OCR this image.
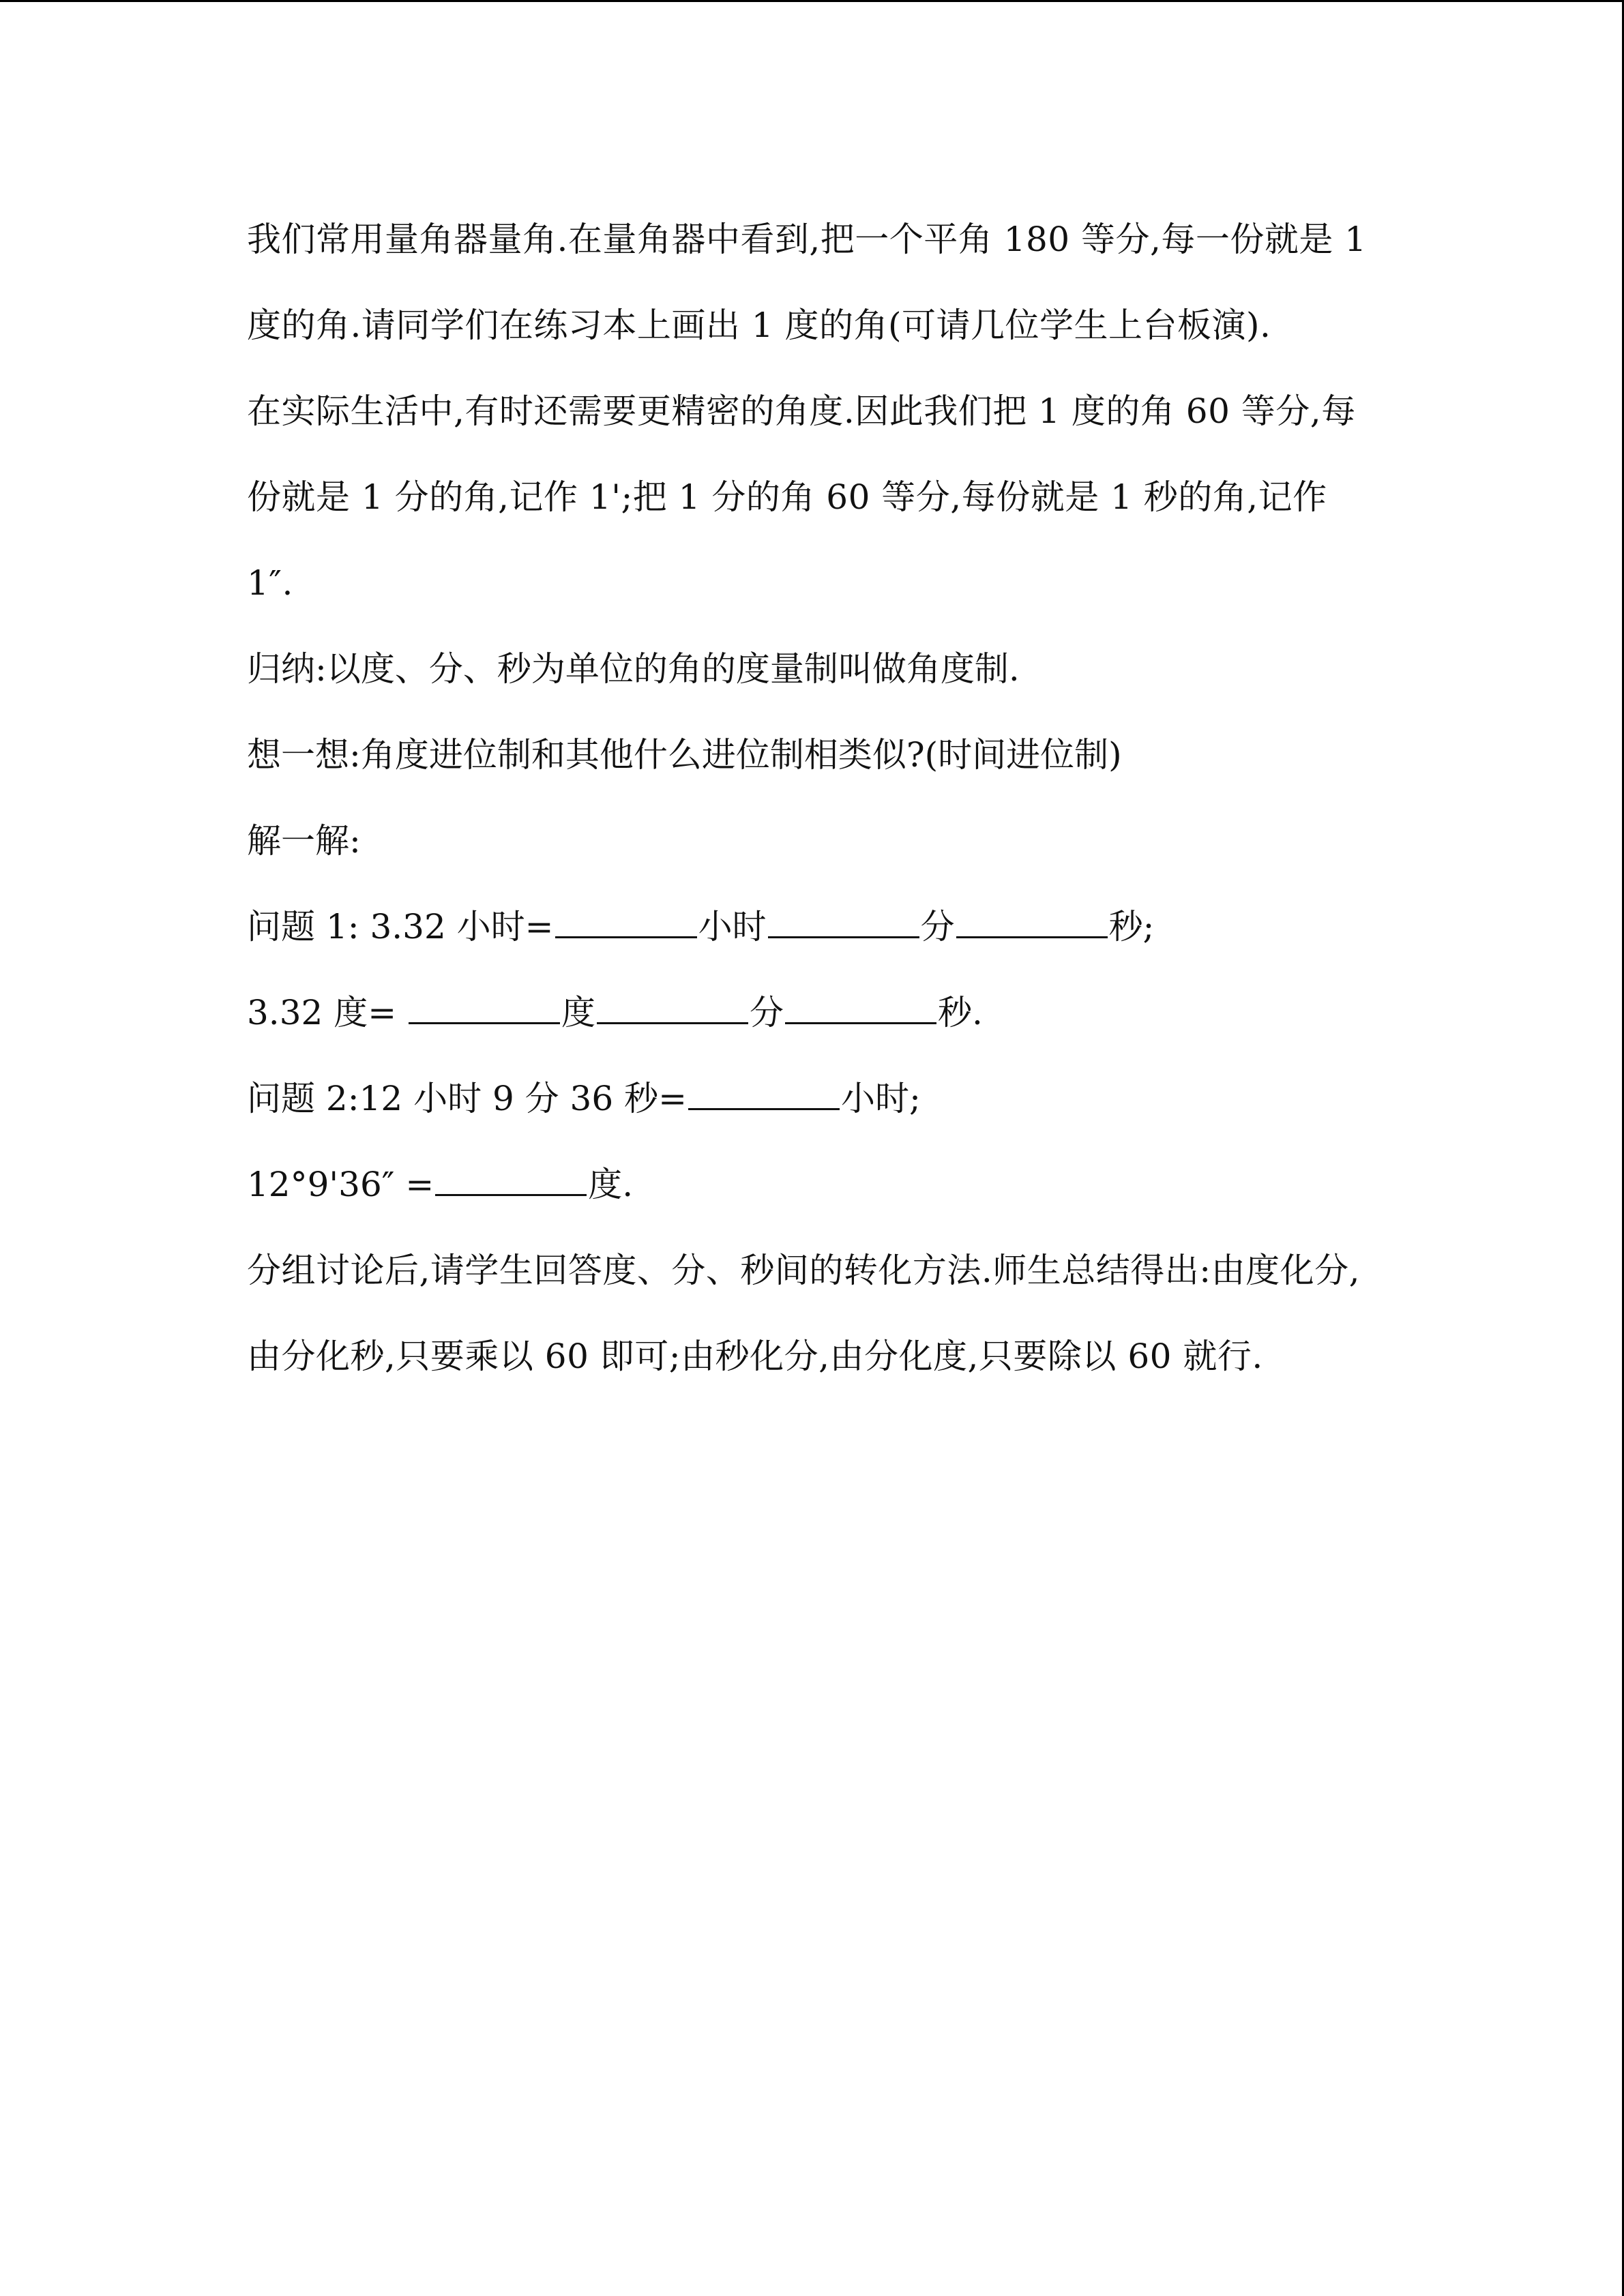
我们常用量角器量角.在量角器中看到,把一个平角 180 等分,每一份就是 1 度的角.请同学们在练习本上画出 1 度的角(可请几位学生上台板演).

在实际生活中,有时还需要更精密的角度.因此我们把 1 度的角 60 等分,每份就是 1 分的角,记作 1';把 1 分的角 60 等分,每份就是 1 秒的角,记作 1″.

归纳:以度、分、秒为单位的角的度量制叫做角度制.
想一想:角度进位制和其他什么进位制相类似?(时间进位制)
解一解:
问题 1: 3.32 小时=	小时	分	秒;
3.32 度=	度	分	秒.
问题 2:12 小时 9 分 36 秒=	小时;
12°9'36″ =	度.

分组讨论后,请学生回答度、分、秒间的转化方法.师生总结得出:由度化分,由分化秒,只要乘以 60 即可;由秒化分,由分化度,只要除以 60 就行.
